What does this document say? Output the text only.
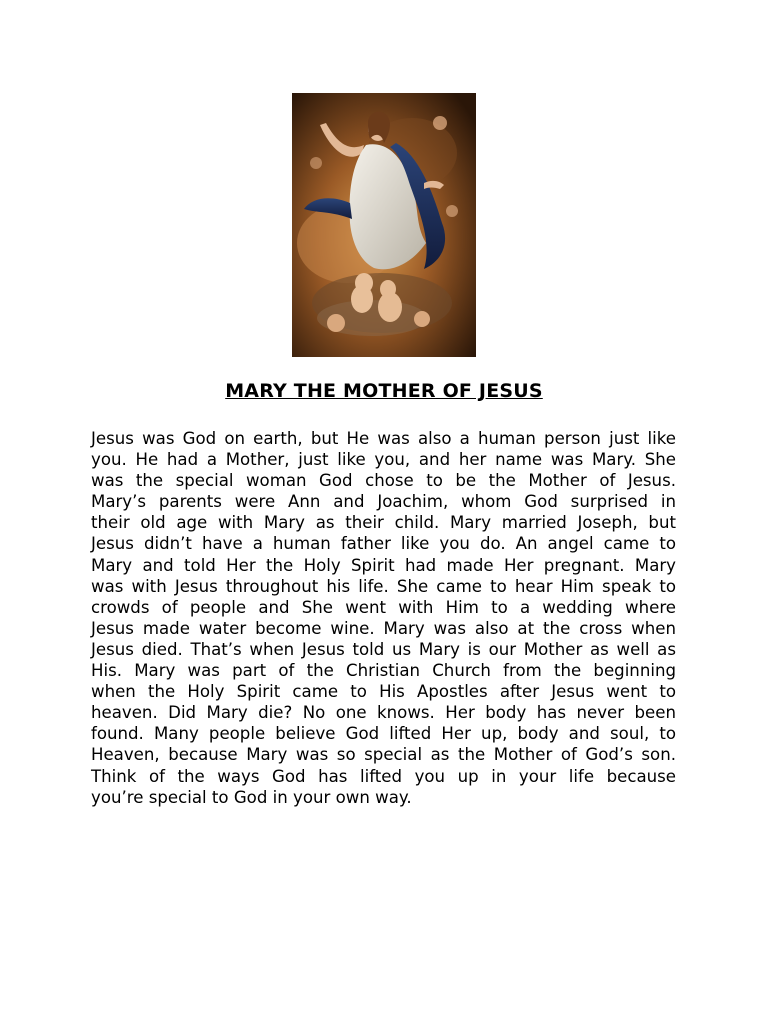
MARY THE MOTHER OF JESUS
Jesus was God on earth, but He was also a human person just like
you. He had a Mother, just like you, and her name was Mary. She
was the special woman God chose to be the Mother of Jesus.
Mary’s parents were Ann and Joachim, whom God surprised in
their old age with Mary as their child. Mary married Joseph, but
Jesus didn’t have a human father like you do. An angel came to
Mary and told Her the Holy Spirit had made Her pregnant. Mary
was with Jesus throughout his life. She came to hear Him speak to
crowds of people and She went with Him to a wedding where
Jesus made water become wine. Mary was also at the cross when
Jesus died. That’s when Jesus told us Mary is our Mother as well as
His. Mary was part of the Christian Church from the beginning
when the Holy Spirit came to His Apostles after Jesus went to
heaven. Did Mary die? No one knows. Her body has never been
found. Many people believe God lifted Her up, body and soul, to
Heaven, because Mary was so special as the Mother of God’s son.
Think of the ways God has lifted you up in your life because
you’re special to God in your own way.
